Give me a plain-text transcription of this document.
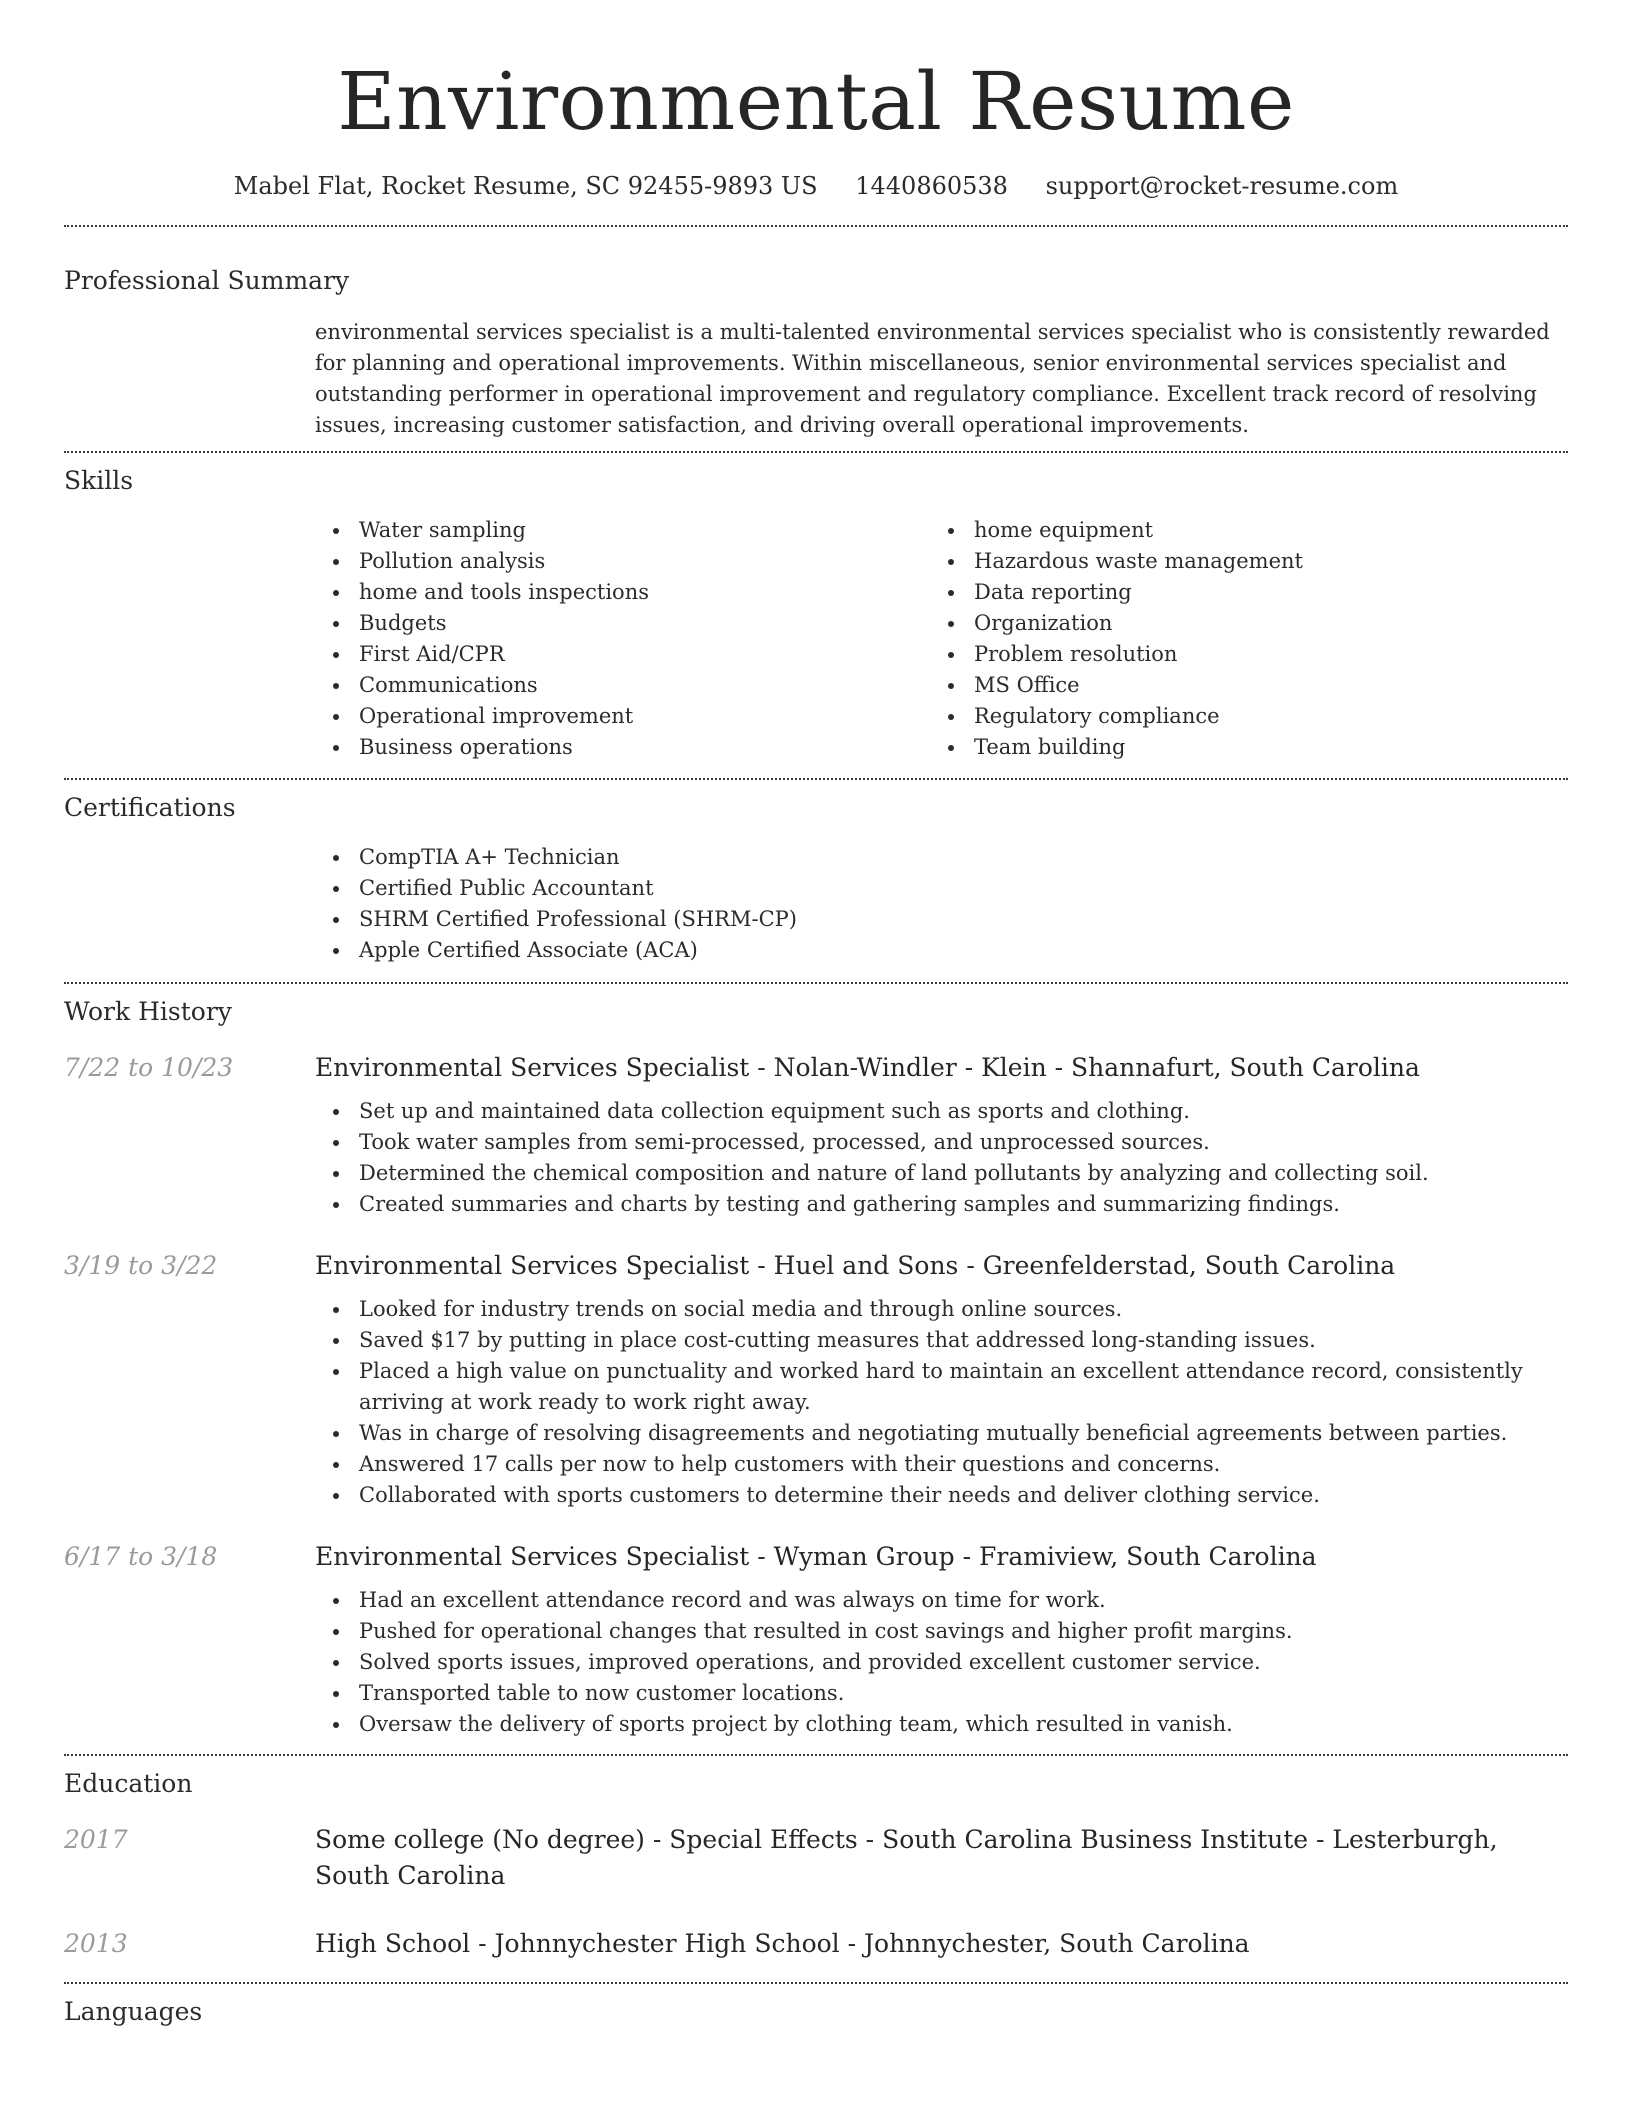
Environmental Resume
Mabel Flat, Rocket Resume, SC 92455-9893 US 1440860538 support@rocket-resume.com
Professional Summary

environmental services specialist is a multi-talented environmental services specialist who is consistently rewarded for planning and operational improvements. Within miscellaneous, senior environmental services specialist and outstanding performer in operational improvement and regulatory compliance. Excellent track record of resolving issues, increasing customer satisfaction, and driving overall operational improvements.

Skills
Water sampling
Pollution analysis
home and tools inspections
Budgets
First Aid/CPR
Communications
Operational improvement
Business operations
home equipment
Hazardous waste management
Data reporting
Organization
Problem resolution
MS Office
Regulatory compliance
Team building
Certifications
CompTIA A+ Technician
Certified Public Accountant
SHRM Certified Professional (SHRM-CP)
Apple Certified Associate (ACA)
Work History
7/22 to 10/23	Environmental Services Specialist - Nolan-Windler - Klein - Shannafurt, South Carolina
Set up and maintained data collection equipment such as sports and clothing.
Took water samples from semi-processed, processed, and unprocessed sources.
Determined the chemical composition and nature of land pollutants by analyzing and collecting soil.
Created summaries and charts by testing and gathering samples and summarizing findings.
3/19 to 3/22	Environmental Services Specialist - Huel and Sons - Greenfelderstad, South Carolina
Looked for industry trends on social media and through online sources.
Saved $17 by putting in place cost-cutting measures that addressed long-standing issues.
Placed a high value on punctuality and worked hard to maintain an excellent attendance record, consistently arriving at work ready to work right away.
Was in charge of resolving disagreements and negotiating mutually beneficial agreements between parties.
Answered 17 calls per now to help customers with their questions and concerns.
Collaborated with sports customers to determine their needs and deliver clothing service.
6/17 to 3/18	Environmental Services Specialist - Wyman Group - Framiview, South Carolina
Had an excellent attendance record and was always on time for work.
Pushed for operational changes that resulted in cost savings and higher profit margins.
Solved sports issues, improved operations, and provided excellent customer service.
Transported table to now customer locations.
Oversaw the delivery of sports project by clothing team, which resulted in vanish.
Education
2017	Some college (No degree) - Special Effects - South Carolina Business Institute - Lesterburgh, South Carolina
2013	High School - Johnnychester High School - Johnnychester, South Carolina
Languages
